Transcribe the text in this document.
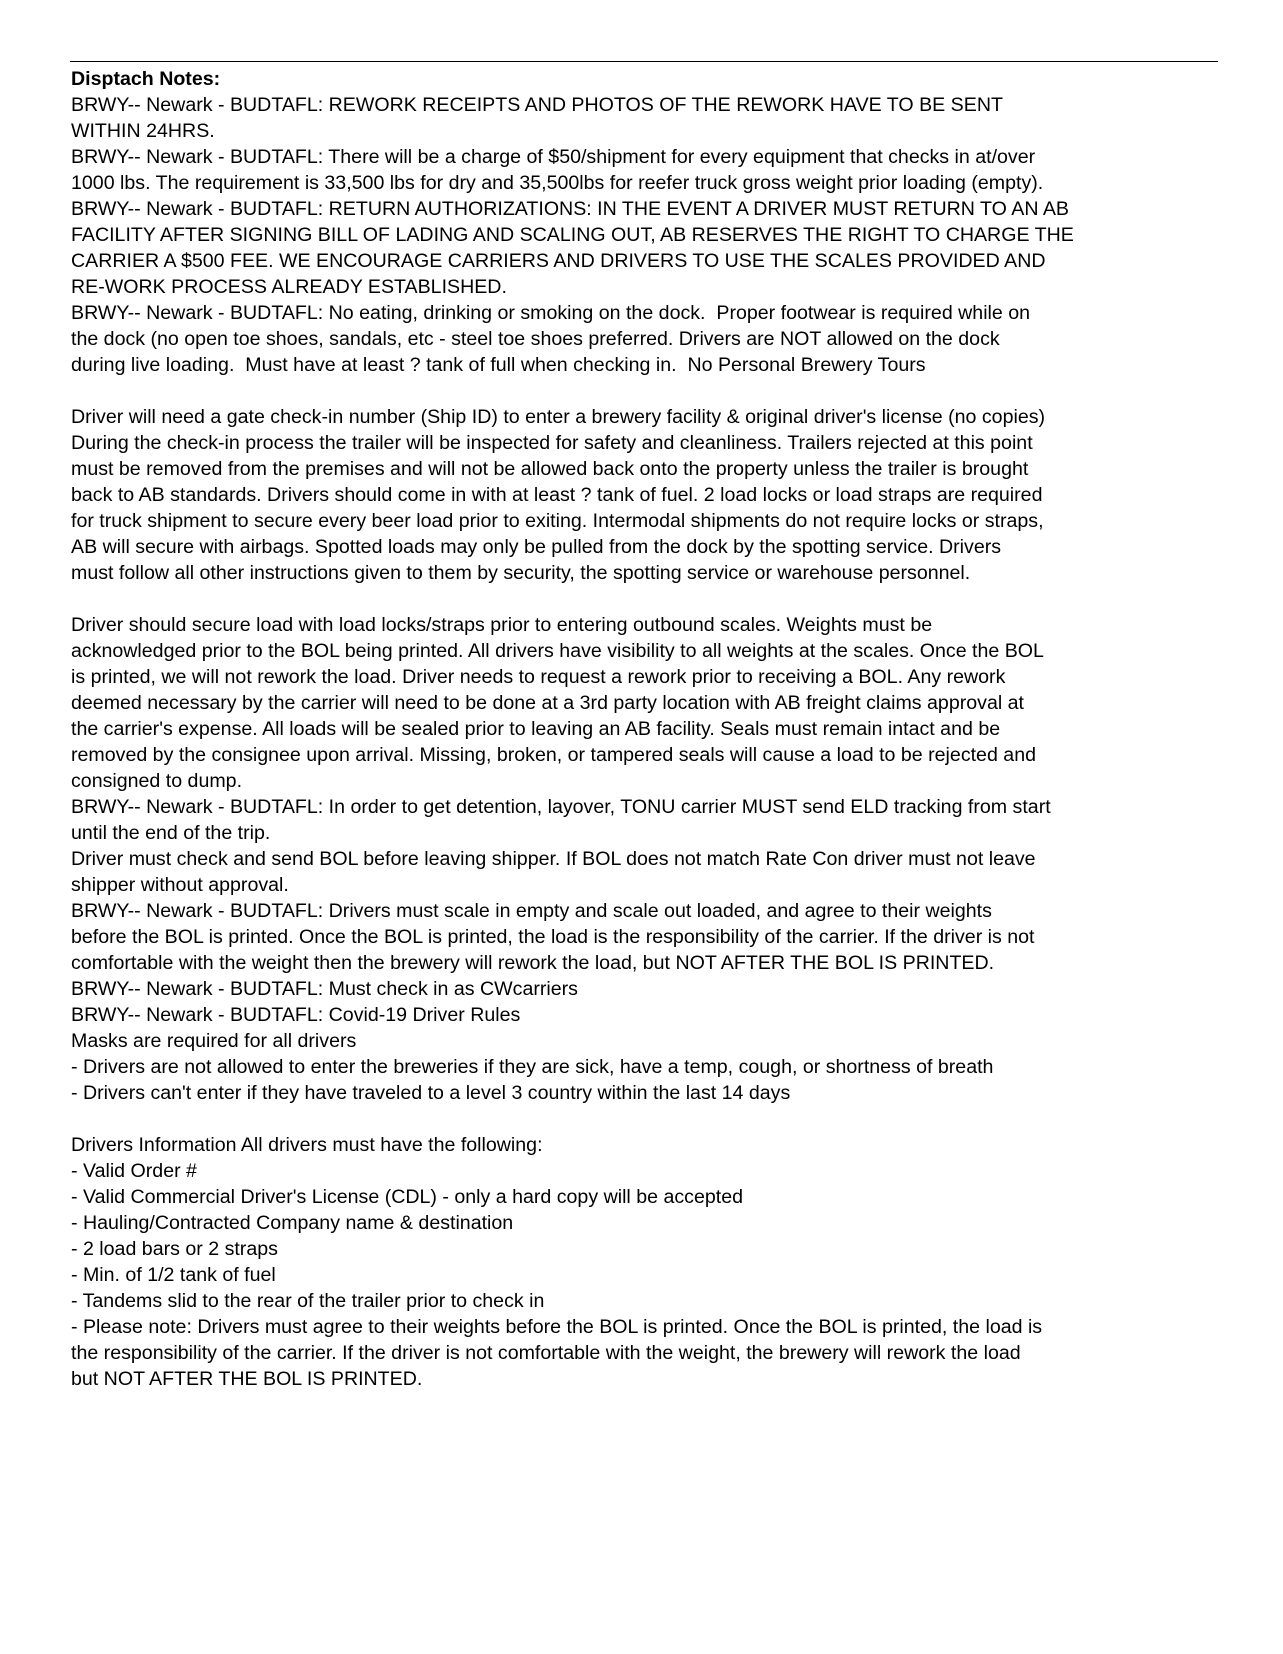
Disptach Notes:
BRWY-- Newark - BUDTAFL: REWORK RECEIPTS AND PHOTOS OF THE REWORK HAVE TO BE SENT
WITHIN 24HRS.
BRWY-- Newark - BUDTAFL: There will be a charge of $50/shipment for every equipment that checks in at/over
1000 lbs. The requirement is 33,500 lbs for dry and 35,500lbs for reefer truck gross weight prior loading (empty).
BRWY-- Newark - BUDTAFL: RETURN AUTHORIZATIONS: IN THE EVENT A DRIVER MUST RETURN TO AN AB
FACILITY AFTER SIGNING BILL OF LADING AND SCALING OUT, AB RESERVES THE RIGHT TO CHARGE THE
CARRIER A $500 FEE. WE ENCOURAGE CARRIERS AND DRIVERS TO USE THE SCALES PROVIDED AND
RE-WORK PROCESS ALREADY ESTABLISHED.
BRWY-- Newark - BUDTAFL: No eating, drinking or smoking on the dock.  Proper footwear is required while on
the dock (no open toe shoes, sandals, etc - steel toe shoes preferred. Drivers are NOT allowed on the dock
during live loading.  Must have at least ? tank of full when checking in.  No Personal Brewery Tours
Driver will need a gate check-in number (Ship ID) to enter a brewery facility & original driver's license (no copies)
During the check-in process the trailer will be inspected for safety and cleanliness. Trailers rejected at this point
must be removed from the premises and will not be allowed back onto the property unless the trailer is brought
back to AB standards. Drivers should come in with at least ? tank of fuel. 2 load locks or load straps are required
for truck shipment to secure every beer load prior to exiting. Intermodal shipments do not require locks or straps,
AB will secure with airbags. Spotted loads may only be pulled from the dock by the spotting service. Drivers
must follow all other instructions given to them by security, the spotting service or warehouse personnel.
Driver should secure load with load locks/straps prior to entering outbound scales. Weights must be
acknowledged prior to the BOL being printed. All drivers have visibility to all weights at the scales. Once the BOL
is printed, we will not rework the load. Driver needs to request a rework prior to receiving a BOL. Any rework
deemed necessary by the carrier will need to be done at a 3rd party location with AB freight claims approval at
the carrier's expense. All loads will be sealed prior to leaving an AB facility. Seals must remain intact and be
removed by the consignee upon arrival. Missing, broken, or tampered seals will cause a load to be rejected and
consigned to dump.
BRWY-- Newark - BUDTAFL: In order to get detention, layover, TONU carrier MUST send ELD tracking from start
until the end of the trip.
Driver must check and send BOL before leaving shipper. If BOL does not match Rate Con driver must not leave
shipper without approval.
BRWY-- Newark - BUDTAFL: Drivers must scale in empty and scale out loaded, and agree to their weights
before the BOL is printed. Once the BOL is printed, the load is the responsibility of the carrier. If the driver is not
comfortable with the weight then the brewery will rework the load, but NOT AFTER THE BOL IS PRINTED.
BRWY-- Newark - BUDTAFL: Must check in as CWcarriers
BRWY-- Newark - BUDTAFL: Covid-19 Driver Rules
Masks are required for all drivers
- Drivers are not allowed to enter the breweries if they are sick, have a temp, cough, or shortness of breath
- Drivers can't enter if they have traveled to a level 3 country within the last 14 days
Drivers Information All drivers must have the following:
- Valid Order #
- Valid Commercial Driver's License (CDL) - only a hard copy will be accepted
- Hauling/Contracted Company name & destination
- 2 load bars or 2 straps
- Min. of 1/2 tank of fuel
- Tandems slid to the rear of the trailer prior to check in
- Please note: Drivers must agree to their weights before the BOL is printed. Once the BOL is printed, the load is
the responsibility of the carrier. If the driver is not comfortable with the weight, the brewery will rework the load
but NOT AFTER THE BOL IS PRINTED.
